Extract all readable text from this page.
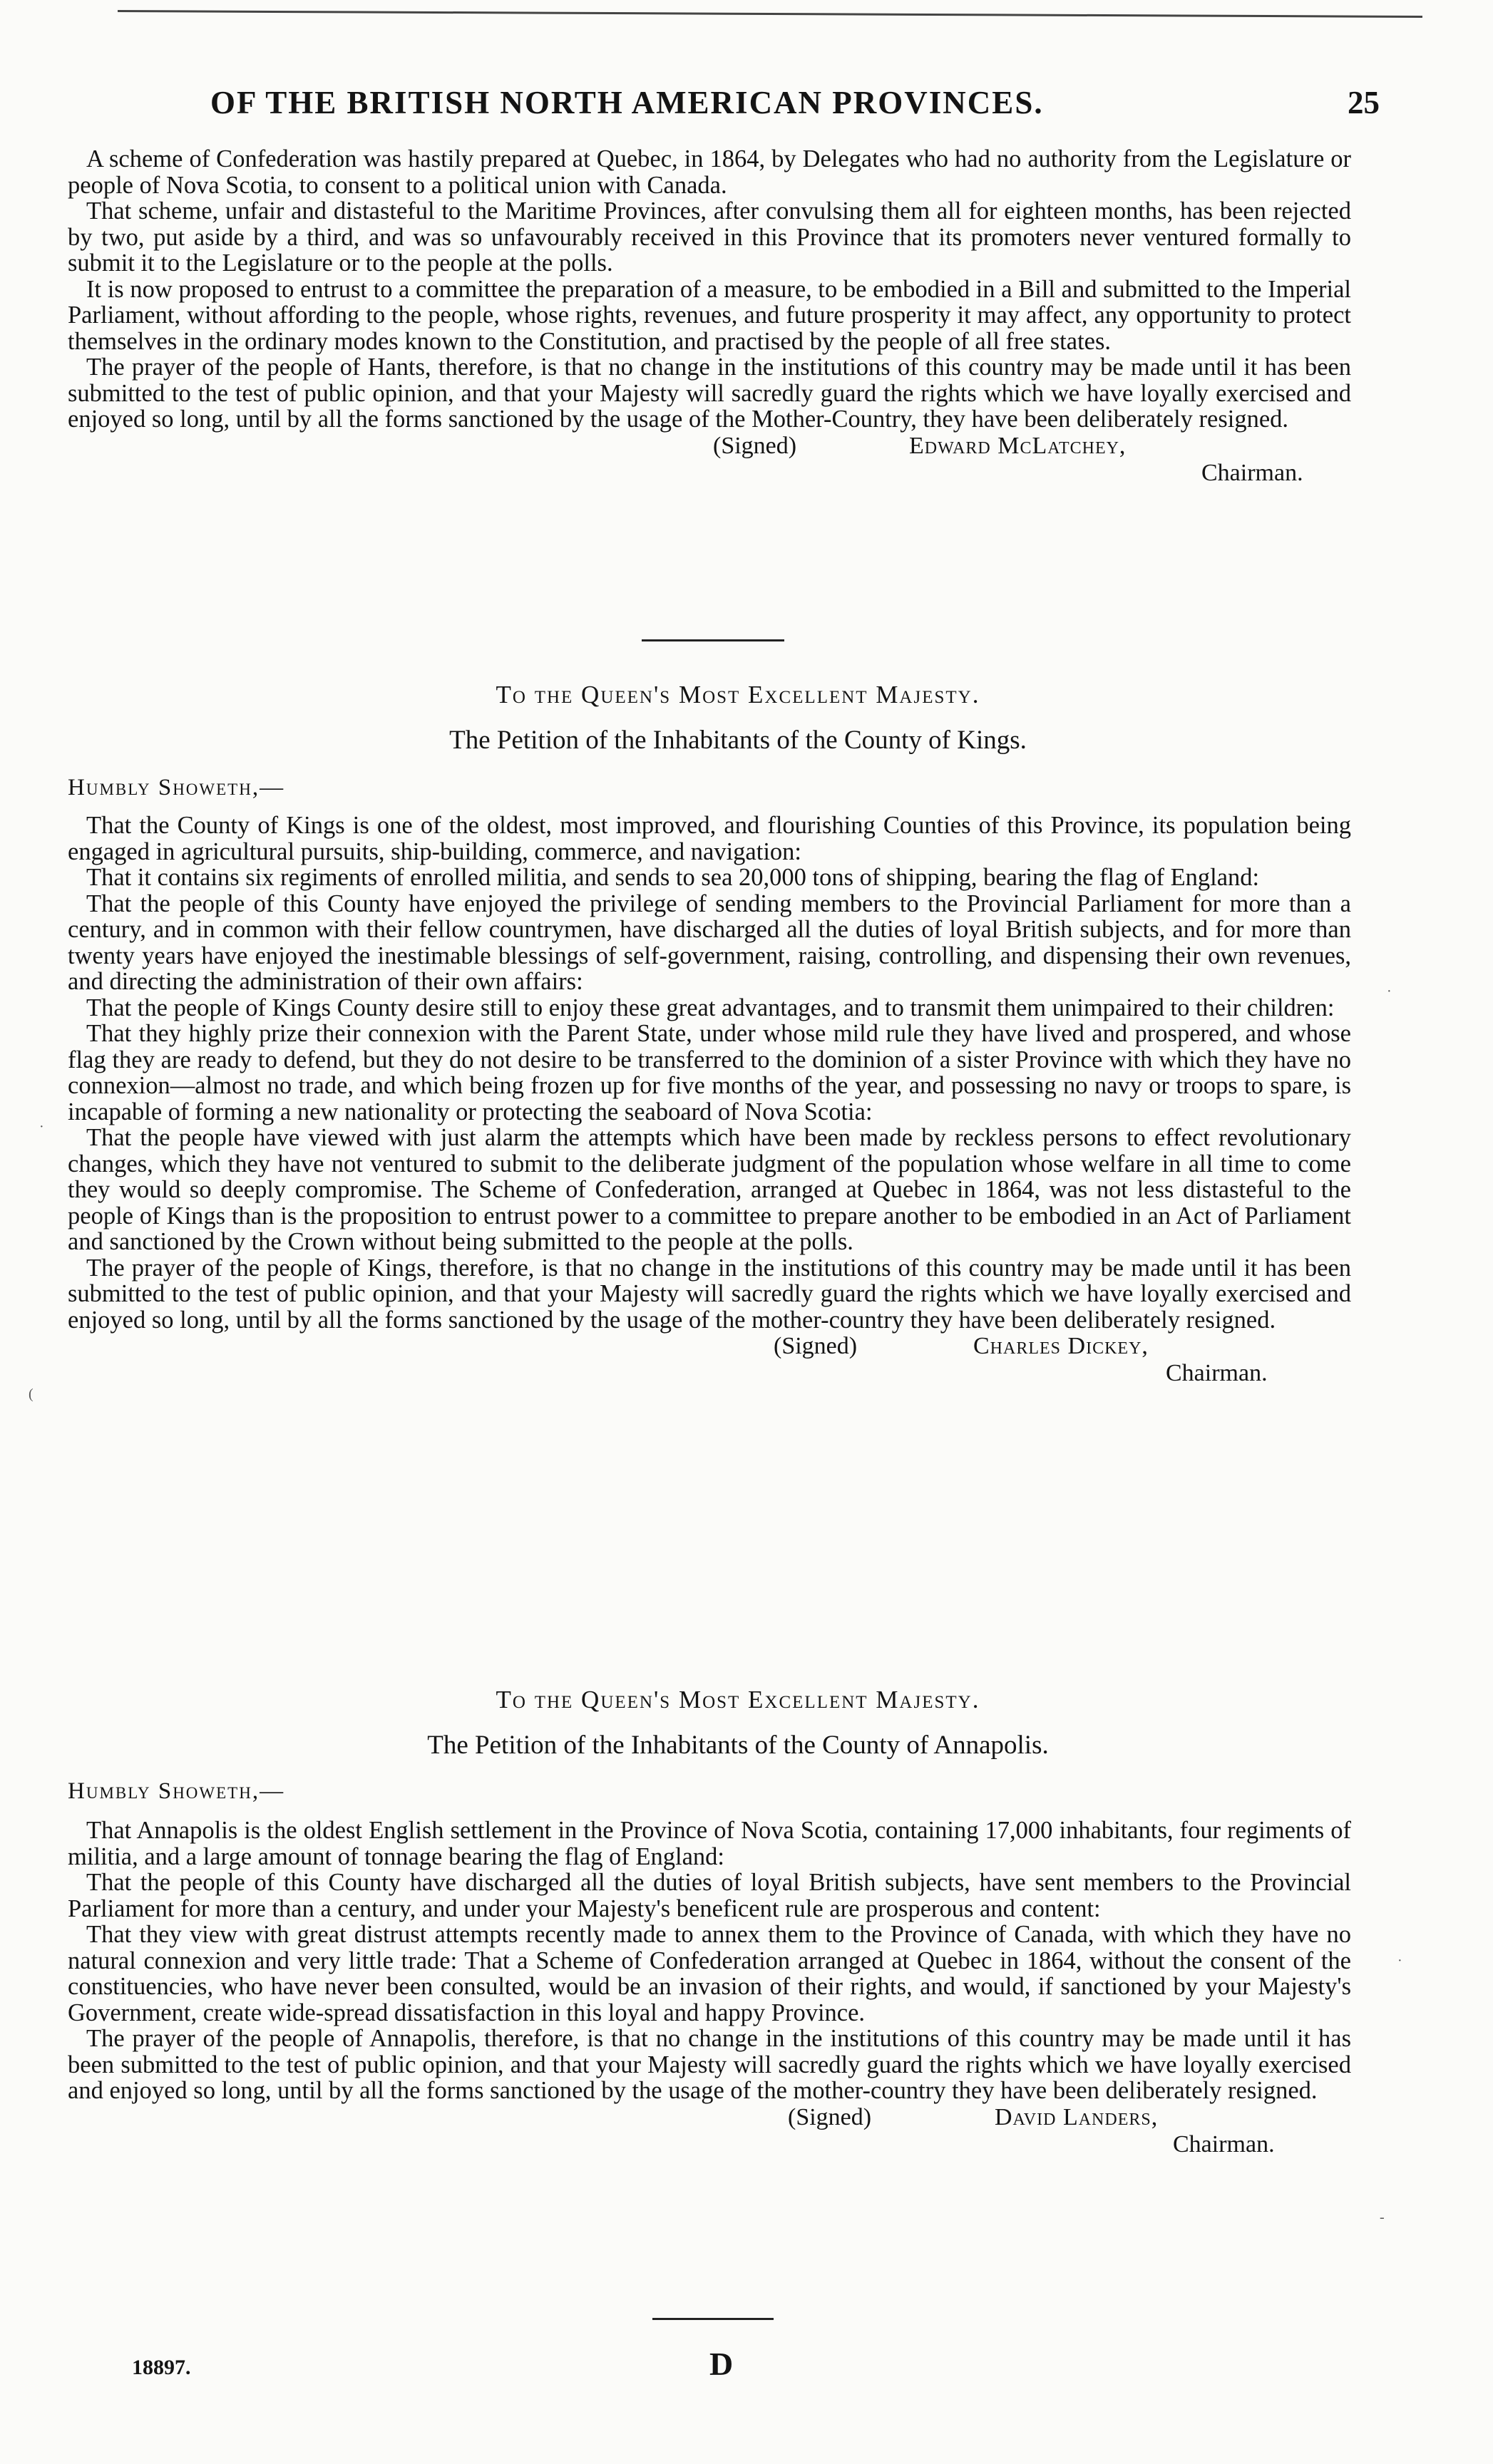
OF THE BRITISH NORTH AMERICAN PROVINCES.	25

A scheme of Confederation was hastily prepared at Quebec, in 1864, by Delegates who had no authority from the Legislature or people of Nova Scotia, to consent to a political union with Canada.

That scheme, unfair and distasteful to the Maritime Provinces, after convulsing them all for eighteen months, has been rejected by two, put aside by a third, and was so unfavourably received in this Province that its promoters never ventured formally to submit it to the Legislature or to the people at the polls.

It is now proposed to entrust to a committee the preparation of a measure, to be embodied in a Bill and submitted to the Imperial Parliament, without affording to the people, whose rights, revenues, and future prosperity it may affect, any opportunity to protect themselves in the ordinary modes known to the Constitution, and practised by the people of all free states.

The prayer of the people of Hants, therefore, is that no change in the institutions of this country may be made until it has been submitted to the test of public opinion, and that your Majesty will sacredly guard the rights which we have loyally exercised and enjoyed so long, until by all the forms sanctioned by the usage of the Mother-Country, they have been deliberately resigned.

(Signed)	Edward McLatchey,
Chairman.
To the Queen's Most Excellent Majesty.
The Petition of the Inhabitants of the County of Kings.
Humbly Showeth,—

That the County of Kings is one of the oldest, most improved, and flourishing Counties of this Province, its population being engaged in agricultural pursuits, ship-building, commerce, and navigation:

That it contains six regiments of enrolled militia, and sends to sea 20,000 tons of shipping, bearing the flag of England:

That the people of this County have enjoyed the privilege of sending members to the Provincial Parliament for more than a century, and in common with their fellow countrymen, have discharged all the duties of loyal British subjects, and for more than twenty years have enjoyed the inestimable blessings of self-government, raising, controlling, and dispensing their own revenues, and directing the administration of their own affairs:

That the people of Kings County desire still to enjoy these great advantages, and to transmit them unimpaired to their children:

That they highly prize their connexion with the Parent State, under whose mild rule they have lived and prospered, and whose flag they are ready to defend, but they do not desire to be transferred to the dominion of a sister Province with which they have no connexion—almost no trade, and which being frozen up for five months of the year, and possessing no navy or troops to spare, is incapable of forming a new nationality or protecting the seaboard of Nova Scotia:

That the people have viewed with just alarm the attempts which have been made by reckless persons to effect revolutionary changes, which they have not ventured to submit to the deliberate judgment of the population whose welfare in all time to come they would so deeply compromise. The Scheme of Confederation, arranged at Quebec in 1864, was not less distasteful to the people of Kings than is the proposition to entrust power to a committee to prepare another to be embodied in an Act of Parliament and sanctioned by the Crown without being submitted to the people at the polls.

The prayer of the people of Kings, therefore, is that no change in the institutions of this country may be made until it has been submitted to the test of public opinion, and that your Majesty will sacredly guard the rights which we have loyally exercised and enjoyed so long, until by all the forms sanctioned by the usage of the mother-country they have been deliberately resigned.

(Signed)	Charles Dickey,
Chairman.
To the Queen's Most Excellent Majesty.
The Petition of the Inhabitants of the County of Annapolis.
Humbly Showeth,—

That Annapolis is the oldest English settlement in the Province of Nova Scotia, containing 17,000 inhabitants, four regiments of militia, and a large amount of tonnage bearing the flag of England:

That the people of this County have discharged all the duties of loyal British subjects, have sent members to the Provincial Parliament for more than a century, and under your Majesty's beneficent rule are prosperous and content:

That they view with great distrust attempts recently made to annex them to the Province of Canada, with which they have no natural connexion and very little trade: That a Scheme of Confederation arranged at Quebec in 1864, without the consent of the constituencies, who have never been consulted, would be an invasion of their rights, and would, if sanctioned by your Majesty's Government, create wide-spread dissatisfaction in this loyal and happy Province.

The prayer of the people of Annapolis, therefore, is that no change in the institutions of this country may be made until it has been submitted to the test of public opinion, and that your Majesty will sacredly guard the rights which we have loyally exercised and enjoyed so long, until by all the forms sanctioned by the usage of the mother-country they have been deliberately resigned.

(Signed)	David Landers,
Chairman.
18897.	D
·
(
·
·
-
